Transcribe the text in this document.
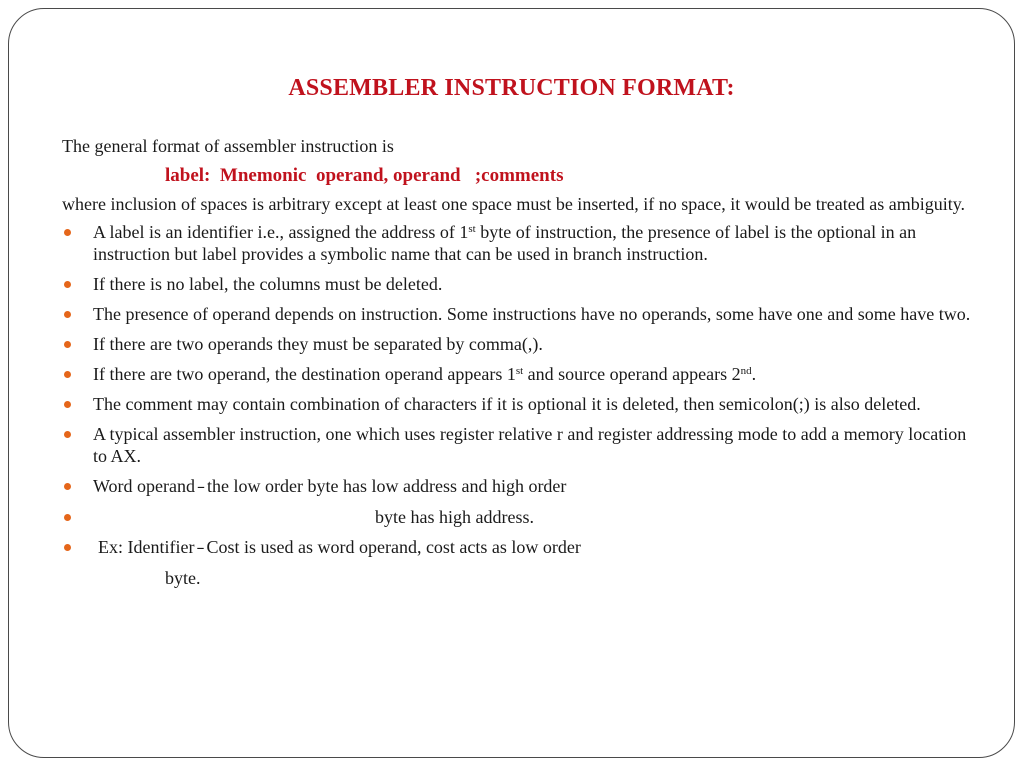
ASSEMBLER INSTRUCTION FORMAT:

The general format of assembler instruction is

label: Mnemonic operand, operand ;comments

where inclusion of spaces is arbitrary except at least one space must be inserted, if no space, it would be treated as ambiguity.

A label is an identifier i.e., assigned the address of 1st byte of instruction, the presence of label is the optional in an instruction but label provides a symbolic name that can be used in branch instruction.
If there is no label, the columns must be deleted.
The presence of operand depends on instruction. Some instructions have no operands, some have one and some have two.
If there are two operands they must be separated by comma(,).
If there are two operand, the destination operand appears 1st and source operand appears 2nd.
The comment may contain combination of characters if it is optional it is deleted, then semicolon(;) is also deleted.
A typical assembler instruction, one which uses register relative r and register addressing mode to add a memory location to AX.
Word operand – the low order byte has low address and high order
byte has high address.
Ex: Identifier – Cost is used as word operand, cost acts as low order

byte.
